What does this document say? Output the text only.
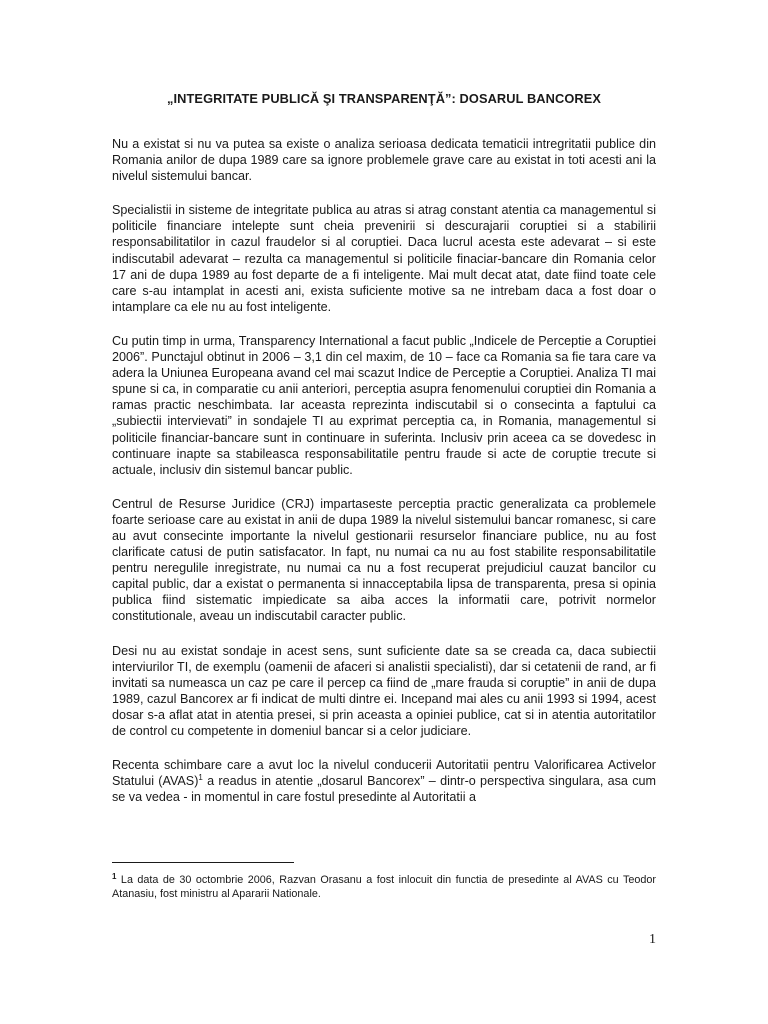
„INTEGRITATE PUBLICĂ ŞI TRANSPARENŢĂ”: DOSARUL BANCOREX

Nu a existat si nu va putea sa existe o analiza serioasa dedicata tematicii intregritatii publice din Romania anilor de dupa 1989 care sa ignore problemele grave care au existat in toti acesti ani la nivelul sistemului bancar.

Specialistii in sisteme de integritate publica au atras si atrag constant atentia ca managementul si politicile financiare intelepte sunt cheia prevenirii si descurajarii coruptiei si a stabilirii responsabilitatilor in cazul fraudelor si al coruptiei. Daca lucrul acesta este adevarat – si este indiscutabil adevarat – rezulta ca managementul si politicile finaciar-bancare din Romania celor 17 ani de dupa 1989 au fost departe de a fi inteligente. Mai mult decat atat, date fiind toate cele care s-au intamplat in acesti ani, exista suficiente motive sa ne intrebam daca a fost doar o intamplare ca ele nu au fost inteligente.

Cu putin timp in urma, Transparency International a facut public „Indicele de Perceptie a Coruptiei 2006”. Punctajul obtinut in 2006 – 3,1 din cel maxim, de 10 – face ca Romania sa fie tara care va adera la Uniunea Europeana avand cel mai scazut Indice de Perceptie a Coruptiei. Analiza TI mai spune si ca, in comparatie cu anii anteriori, perceptia asupra fenomenului coruptiei din Romania a ramas practic neschimbata. Iar aceasta reprezinta indiscutabil si o consecinta a faptului ca „subiectii intervievati” in sondajele TI au exprimat perceptia ca, in Romania, managementul si politicile financiar-bancare sunt in continuare in suferinta. Inclusiv prin aceea ca se dovedesc in continuare inapte sa stabileasca responsabilitatile pentru fraude si acte de coruptie trecute si actuale, inclusiv din sistemul bancar public.

Centrul de Resurse Juridice (CRJ) impartaseste perceptia practic generalizata ca problemele foarte serioase care au existat in anii de dupa 1989 la nivelul sistemului bancar romanesc, si care au avut consecinte importante la nivelul gestionarii resurselor financiare publice, nu au fost clarificate catusi de putin satisfacator. In fapt, nu numai ca nu au fost stabilite responsabilitatile pentru neregulile inregistrate, nu numai ca nu a fost recuperat prejudiciul cauzat bancilor cu capital public, dar a existat o permanenta si innacceptabila lipsa de transparenta, presa si opinia publica fiind sistematic impiedicate sa aiba acces la informatii care, potrivit normelor constitutionale, aveau un indiscutabil caracter public.

Desi nu au existat sondaje in acest sens, sunt suficiente date sa se creada ca, daca subiectii interviurilor TI, de exemplu (oamenii de afaceri si analistii specialisti), dar si cetatenii de rand, ar fi invitati sa numeasca un caz pe care il percep ca fiind de „mare frauda si coruptie” in anii de dupa 1989, cazul Bancorex ar fi indicat de multi dintre ei. Incepand mai ales cu anii 1993 si 1994, acest dosar s-a aflat atat in atentia presei, si prin aceasta a opiniei publice, cat si in atentia autoritatilor de control cu competente in domeniul bancar si a celor judiciare.

Recenta schimbare care a avut loc la nivelul conducerii Autoritatii pentru Valorificarea Activelor Statului (AVAS)$^1$ a readus in atentie „dosarul Bancorex” – dintr-o perspectiva singulara, asa cum se va vedea - in momentul in care fostul presedinte al Autoritatii a

$^1$ La data de 30 octombrie 2006, Razvan Orasanu a fost inlocuit din functia de presedinte al AVAS cu Teodor Atanasiu, fost ministru al Apararii Nationale.

1
